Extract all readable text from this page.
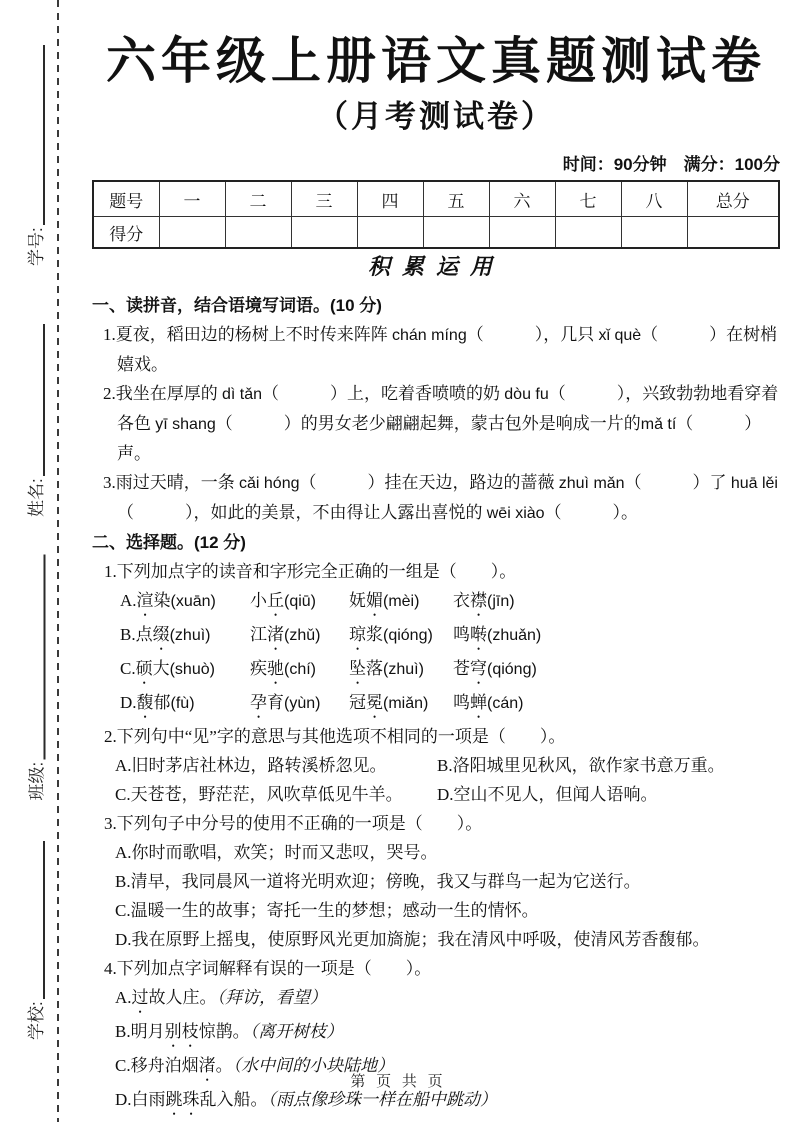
学号:
姓名:
班级:
学校:
六年级上册语文真题测试卷
（月考测试卷）
时间：90分钟　满分：100分
题号	一	二	三	四	五	六	七	八	总分
得分									
积累运用

一、读拼音，结合语境写词语。(10 分)

1.夏夜，稻田边的杨树上不时传来阵阵 chán míng（　　　），几只 xǐ què（　　　）在树梢嬉戏。

2.我坐在厚厚的 dì tǎn（　　　）上，吃着香喷喷的奶 dòu fu（　　　），兴致勃勃地看穿着各色 yī shang（　　　）的男女老少翩翩起舞，蒙古包外是响成一片的mǎ tí（　　　）声。

3.雨过天晴，一条 cǎi hóng（　　　）挂在天边，路边的蔷薇 zhuì mǎn（　　　）了 huā lěi（　　　），如此的美景，不由得让人露出喜悦的 wēi xiào（　　　）。

二、选择题。(12 分)

1.下列加点字的读音和字形完全正确的一组是（　　）。

A.渲染(xuān)	小丘(qiū)	妩媚(mèi)	衣襟(jīn)
B.点缀(zhuì)	江渚(zhǔ)	琼浆(qióng)	鸣啭(zhuǎn)
C.硕大(shuò)	疾驰(chí)	坠落(zhuì)	苍穹(qióng)
D.馥郁(fù)	孕育(yùn)	冠冕(miǎn)	鸣蝉(cán)

2.下列句中“见”字的意思与其他选项不相同的一项是（　　）。

A.旧时茅店社林边，路转溪桥忽见。	B.洛阳城里见秋风，欲作家书意万重。
C.天苍苍，野茫茫，风吹草低见牛羊。	D.空山不见人，但闻人语响。

3.下列句子中分号的使用不正确的一项是（　　）。

A.你时而歌唱，欢笑；时而又悲叹，哭号。

B.清早，我同晨风一道将光明欢迎；傍晚，我又与群鸟一起为它送行。

C.温暖一生的故事；寄托一生的梦想；感动一生的情怀。

D.我在原野上摇曳，使原野风光更加旖旎；我在清风中呼吸，使清风芳香馥郁。

4.下列加点字词解释有误的一项是（　　）。

A.过故人庄。（拜访，看望）

B.明月别枝惊鹊。（离开树枝）

C.移舟泊烟渚。（水中间的小块陆地）

D.白雨跳珠乱入船。（雨点像珍珠一样在船中跳动）

第 页 共 页
